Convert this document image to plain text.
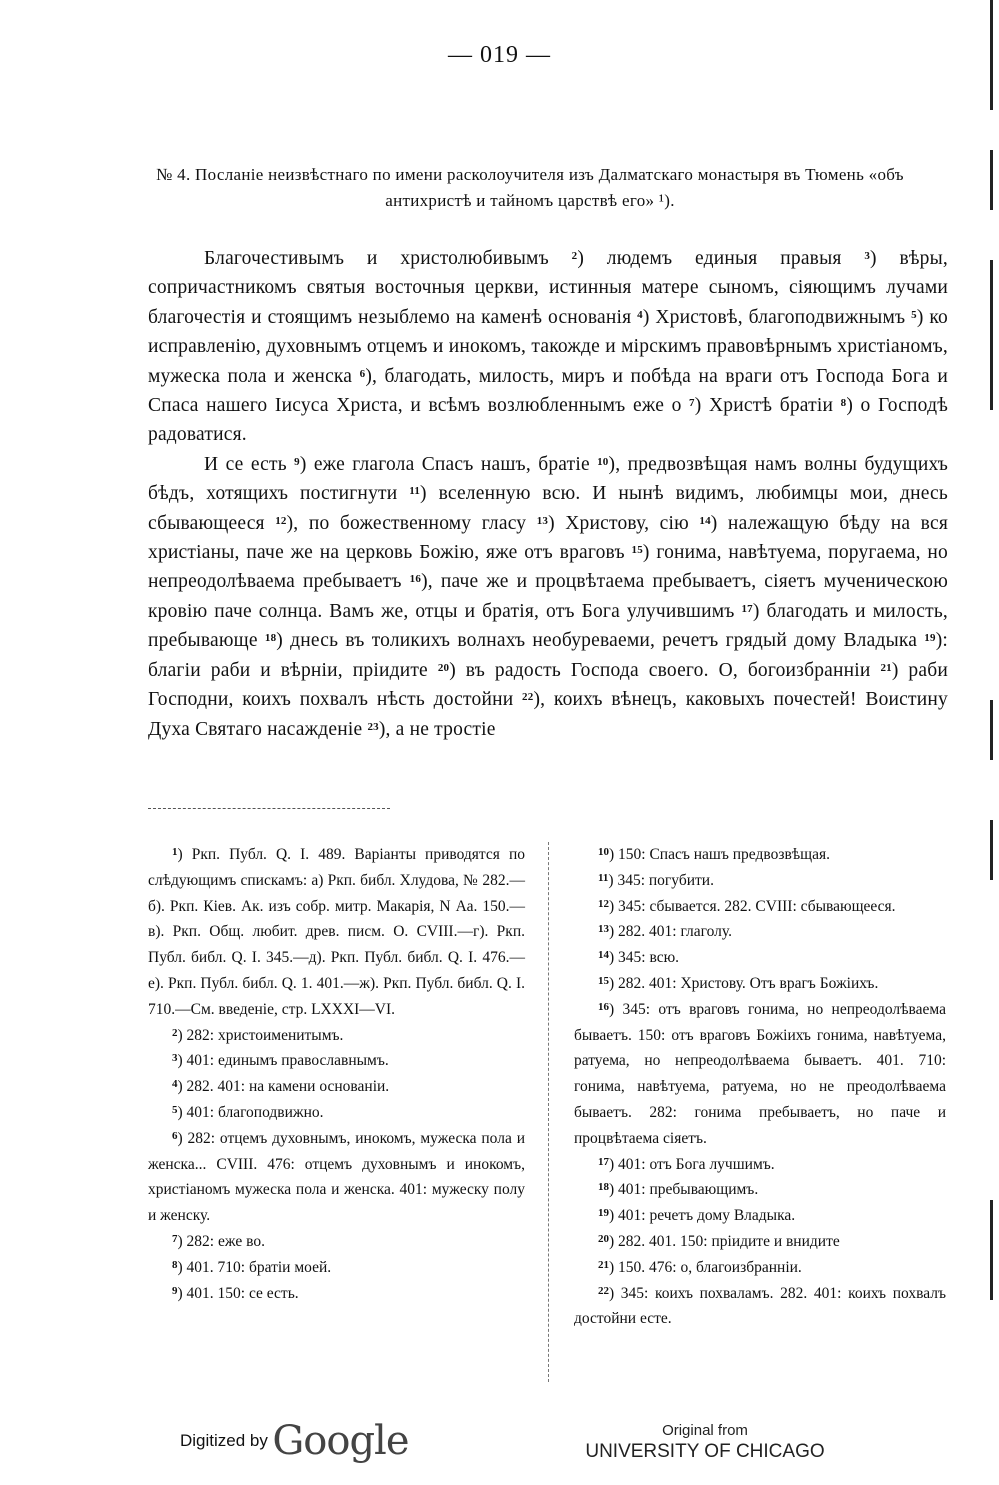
— 019 —
№ 4. Посланіе неизвѣстнаго по имени расколоучителя изъ Далматскаго монастыря въ Тюмень «объ антихристѣ и тайномъ царствѣ его» ¹).

Благочестивымъ и христолюбивымъ $^2$) людемъ единыя правыя $^3$) вѣры, сопричастникомъ святыя восточныя церкви, истинныя матере сыномъ, сіяющимъ лучами благочестія и стоящимъ незыблемо на каменѣ основанія $^4$) Христовѣ, благоподвижнымъ $^5$) ко исправленію, духовнымъ отцемъ и инокомъ, такожде и мірскимъ правовѣрнымъ христіаномъ, мужеска пола и женска $^6$), благодать, милость, миръ и побѣда на враги отъ Господа Бога и Спаса нашего Іисуса Христа, и всѣмъ возлюбленнымъ еже о $^7$) Христѣ братіи $^8$) о Господѣ радоватися.

И се есть $^9$) еже глагола Спасъ нашъ, братіе $^{10}$), предвозвѣщая намъ волны будущихъ бѣдъ, хотящихъ постигнути $^{11}$) вселенную всю. И нынѣ видимъ, любимцы мои, днесь сбывающееся $^{12}$), по божественному гласу $^{13}$) Христову, сію $^{14}$) належащую бѣду на вся христіаны, паче же на церковь Божію, яже отъ враговъ $^{15}$) гонима, навѣтуема, поругаема, но непреодолѣваема пребываетъ $^{16}$), паче же и процвѣтаема пребываетъ, сіяетъ мученическою кровію паче солнца. Вамъ же, отцы и братія, отъ Бога улучившимъ $^{17}$) благодать и милость, пребывающе $^{18}$) днесь въ толикихъ волнахъ необуреваеми, речетъ грядый дому Владыка $^{19}$): благіи раби и вѣрніи, пріидите $^{20}$) въ радость Господа своего. О, богоизбраннiи $^{21}$) раби Господни, коихъ похвалъ нѣсть достойни $^{22}$), коихъ вѣнецъ, каковыхъ почестей! Воистину Духа Святаго насажденіе $^{23}$), а не тростіе

$^1$) Ркп. Публ. Q. I. 489. Варіанты приводятся по слѣдующимъ спискамъ: а) Ркп. библ. Хлудова, № 282.—б). Ркп. Кіев. Ак. изъ собр. митр. Макарія, N Аа. 150.—в). Ркп. Общ. любит. древ. писм. О. CVIII.—г). Ркп. Публ. библ. Q. I. 345.—д). Ркп. Публ. библ. Q. I. 476.—е). Ркп. Публ. библ. Q. 1. 401.—ж). Ркп. Публ. библ. Q. I. 710.—См. введеніе, стр. LXXXI—VI.

$^2$) 282: христоименитымъ.

$^3$) 401: единымъ православнымъ.

$^4$) 282. 401: на камени основаніи.

$^5$) 401: благоподвижно.

$^6$) 282: отцемъ духовнымъ, инокомъ, мужеска пола и женска... CVIII. 476: отцемъ духовнымъ и инокомъ, христіаномъ мужеска пола и женска. 401: мужеску полу и женску.

$^7$) 282: еже во.

$^8$) 401. 710: братіи моей.

$^9$) 401. 150: се есть.

$^{10}$) 150: Спасъ нашъ предвозвѣщая.

$^{11}$) 345: погубити.

$^{12}$) 345: сбывается. 282. CVIII: сбывающееся.

$^{13}$) 282. 401: глаголу.

$^{14}$) 345: всю.

$^{15}$) 282. 401: Христову. Отъ врагъ Божіихъ.

$^{16}$) 345: отъ враговъ гонима, но непреодолѣваема бываетъ. 150: отъ враговъ Божіихъ гонима, навѣтуема, ратуема, но непреодолѣваема бываетъ. 401. 710: гонима, навѣтуема, ратуема, но не преодолѣваема бываетъ. 282: гонима пребываетъ, но паче и процвѣтаема сіяетъ.

$^{17}$) 401: отъ Бога лучшимъ.

$^{18}$) 401: пребывающимъ.

$^{19}$) 401: речетъ дому Владыка.

$^{20}$) 282. 401. 150: пріидите и внидите

$^{21}$) 150. 476: о, благоизбранніи.

$^{22}$) 345: коихъ похваламъ. 282. 401: коихъ похвалъ достойни есте.

Digitized by Google	Original from
UNIVERSITY OF CHICAGO
